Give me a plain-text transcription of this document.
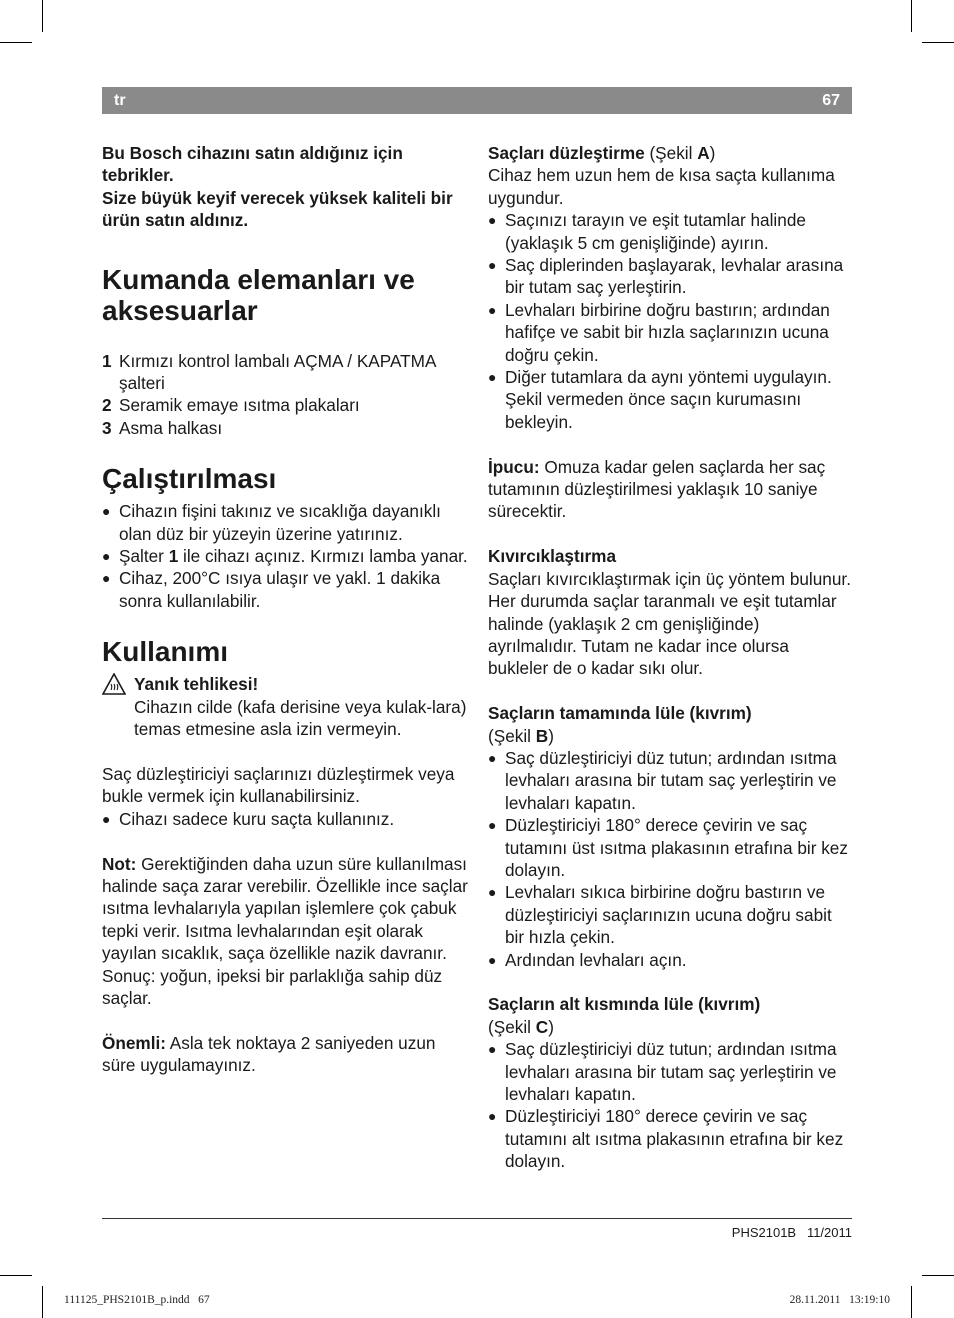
tr	67

Bu Bosch cihazını satın aldığınız için tebrikler.

Size büyük keyif verecek yüksek kaliteli bir ürün satın aldınız.

Kumanda elemanları ve aksesuarlar
1 Kırmızı kontrol lambalı AÇMA / KAPATMA şalteri
2 Seramik emaye ısıtma plakaları
3 Asma halkası
Çalıştırılması
● Cihazın fişini takınız ve sıcaklığa dayanıklı olan düz bir yüzeyin üzerine yatırınız.
● Şalter 1 ile cihazı açınız. Kırmızı lamba yanar.
● Cihaz, 200°C ısıya ulaşır ve yakl. 1 dakika sonra kullanılabilir.
Kullanımı

Yanık tehlikesi!

Cihazın cilde (kafa derisine veya kulak-lara) temas etmesine asla izin vermeyin.

Saç düzleştiriciyi saçlarınızı düzleştirmek veya bukle vermek için kullanabilirsiniz.

● Cihazı sadece kuru saçta kullanınız.

Not: Gerektiğinden daha uzun süre kullanılması halinde saça zarar verebilir. Özellikle ince saçlar ısıtma levhalarıyla yapılan işlemlere çok çabuk tepki verir. Isıtma levhalarından eşit olarak yayılan sıcaklık, saça özellikle nazik davranır. Sonuç: yoğun, ipeksi bir parlaklığa sahip düz saçlar.

Önemli: Asla tek noktaya 2 saniyeden uzun süre uygulamayınız.

Saçları düzleştirme (Şekil A)

Cihaz hem uzun hem de kısa saçta kullanıma uygundur.

● Saçınızı tarayın ve eşit tutamlar halinde (yaklaşık 5 cm genişliğinde) ayırın.
● Saç diplerinden başlayarak, levhalar arasına bir tutam saç yerleştirin.
● Levhaları birbirine doğru bastırın; ardından hafifçe ve sabit bir hızla saçlarınızın ucuna doğru çekin.
● Diğer tutamlara da aynı yöntemi uygulayın. Şekil vermeden önce saçın kurumasını bekleyin.

İpucu: Omuza kadar gelen saçlarda her saç tutamının düzleştirilmesi yaklaşık 10 saniye sürecektir.

Kıvırcıklaştırma

Saçları kıvırcıklaştırmak için üç yöntem bulunur. Her durumda saçlar taranmalı ve eşit tutamlar halinde (yaklaşık 2 cm genişliğinde) ayrılmalıdır. Tutam ne kadar ince olursa bukleler de o kadar sıkı olur.

Saçların tamamında lüle (kıvrım)

(Şekil B)

● Saç düzleştiriciyi düz tutun; ardından ısıtma levhaları arasına bir tutam saç yerleştirin ve levhaları kapatın.
● Düzleştiriciyi 180° derece çevirin ve saç tutamını üst ısıtma plakasının etrafına bir kez dolayın.
● Levhaları sıkıca birbirine doğru bastırın ve düzleştiriciyi saçlarınızın ucuna doğru sabit bir hızla çekin.
● Ardından levhaları açın.

Saçların alt kısmında lüle (kıvrım)

(Şekil C)

● Saç düzleştiriciyi düz tutun; ardından ısıtma levhaları arasına bir tutam saç yerleştirin ve levhaları kapatın.
● Düzleştiriciyi 180° derece çevirin ve saç tutamını alt ısıtma plakasının etrafına bir kez dolayın.
PHS2101B   11/2011
111125_PHS2101B_p.indd   67	28.11.2011   13:19:10
